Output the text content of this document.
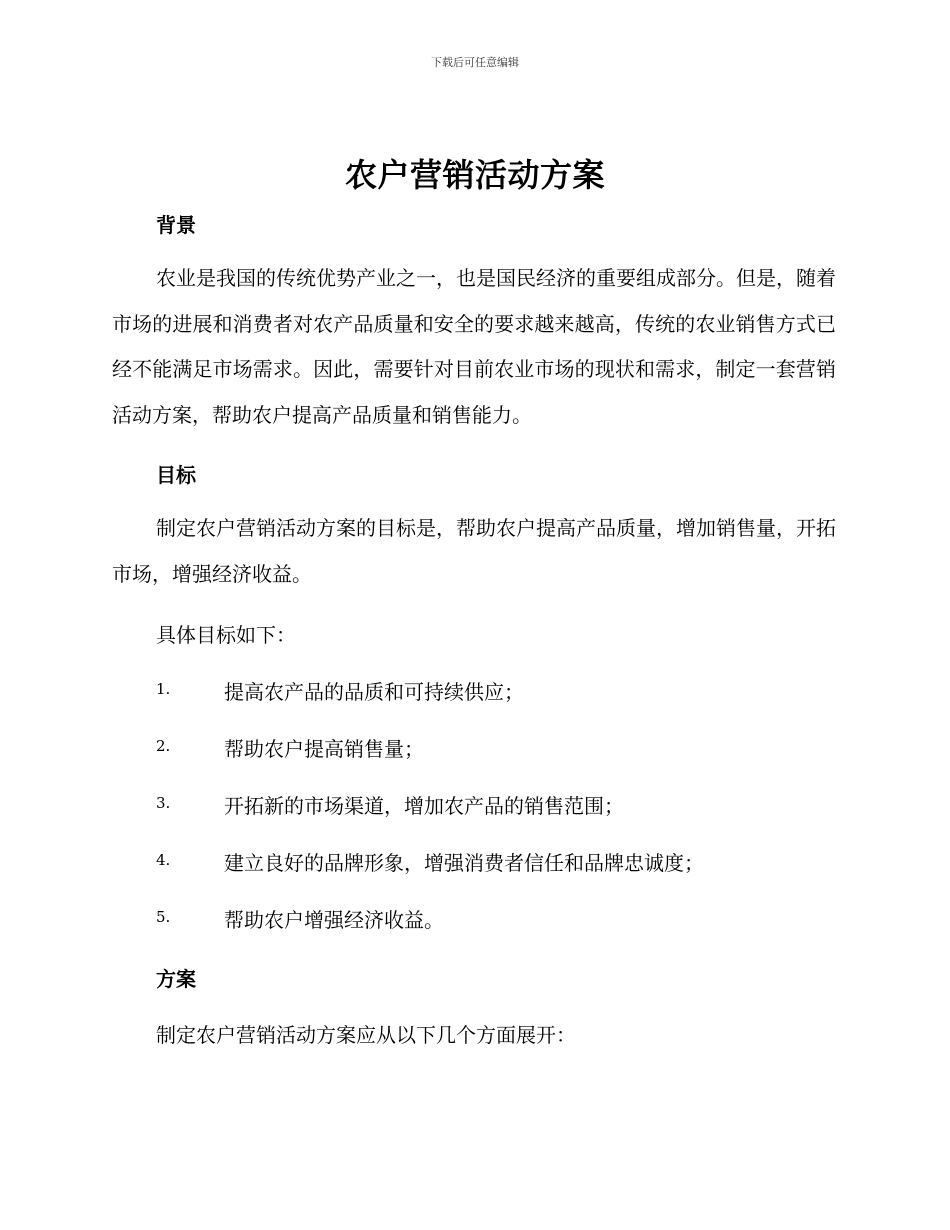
下载后可任意编辑
农户营销活动方案
背景
农业是我国的传统优势产业之一，也是国民经济的重要组成部分。但是，随着市场的进展和消费者对农产品质量和安全的要求越来越高，传统的农业销售方式已经不能满足市场需求。因此，需要针对目前农业市场的现状和需求，制定一套营销活动方案，帮助农户提高产品质量和销售能力。
目标
制定农户营销活动方案的目标是，帮助农户提高产品质量，增加销售量，开拓市场，增强经济收益。
具体目标如下：
1.	提高农产品的品质和可持续供应；
2.	帮助农户提高销售量；
3.	开拓新的市场渠道，增加农产品的销售范围；
4.	建立良好的品牌形象，增强消费者信任和品牌忠诚度；
5.	帮助农户增强经济收益。
方案
制定农户营销活动方案应从以下几个方面展开：
